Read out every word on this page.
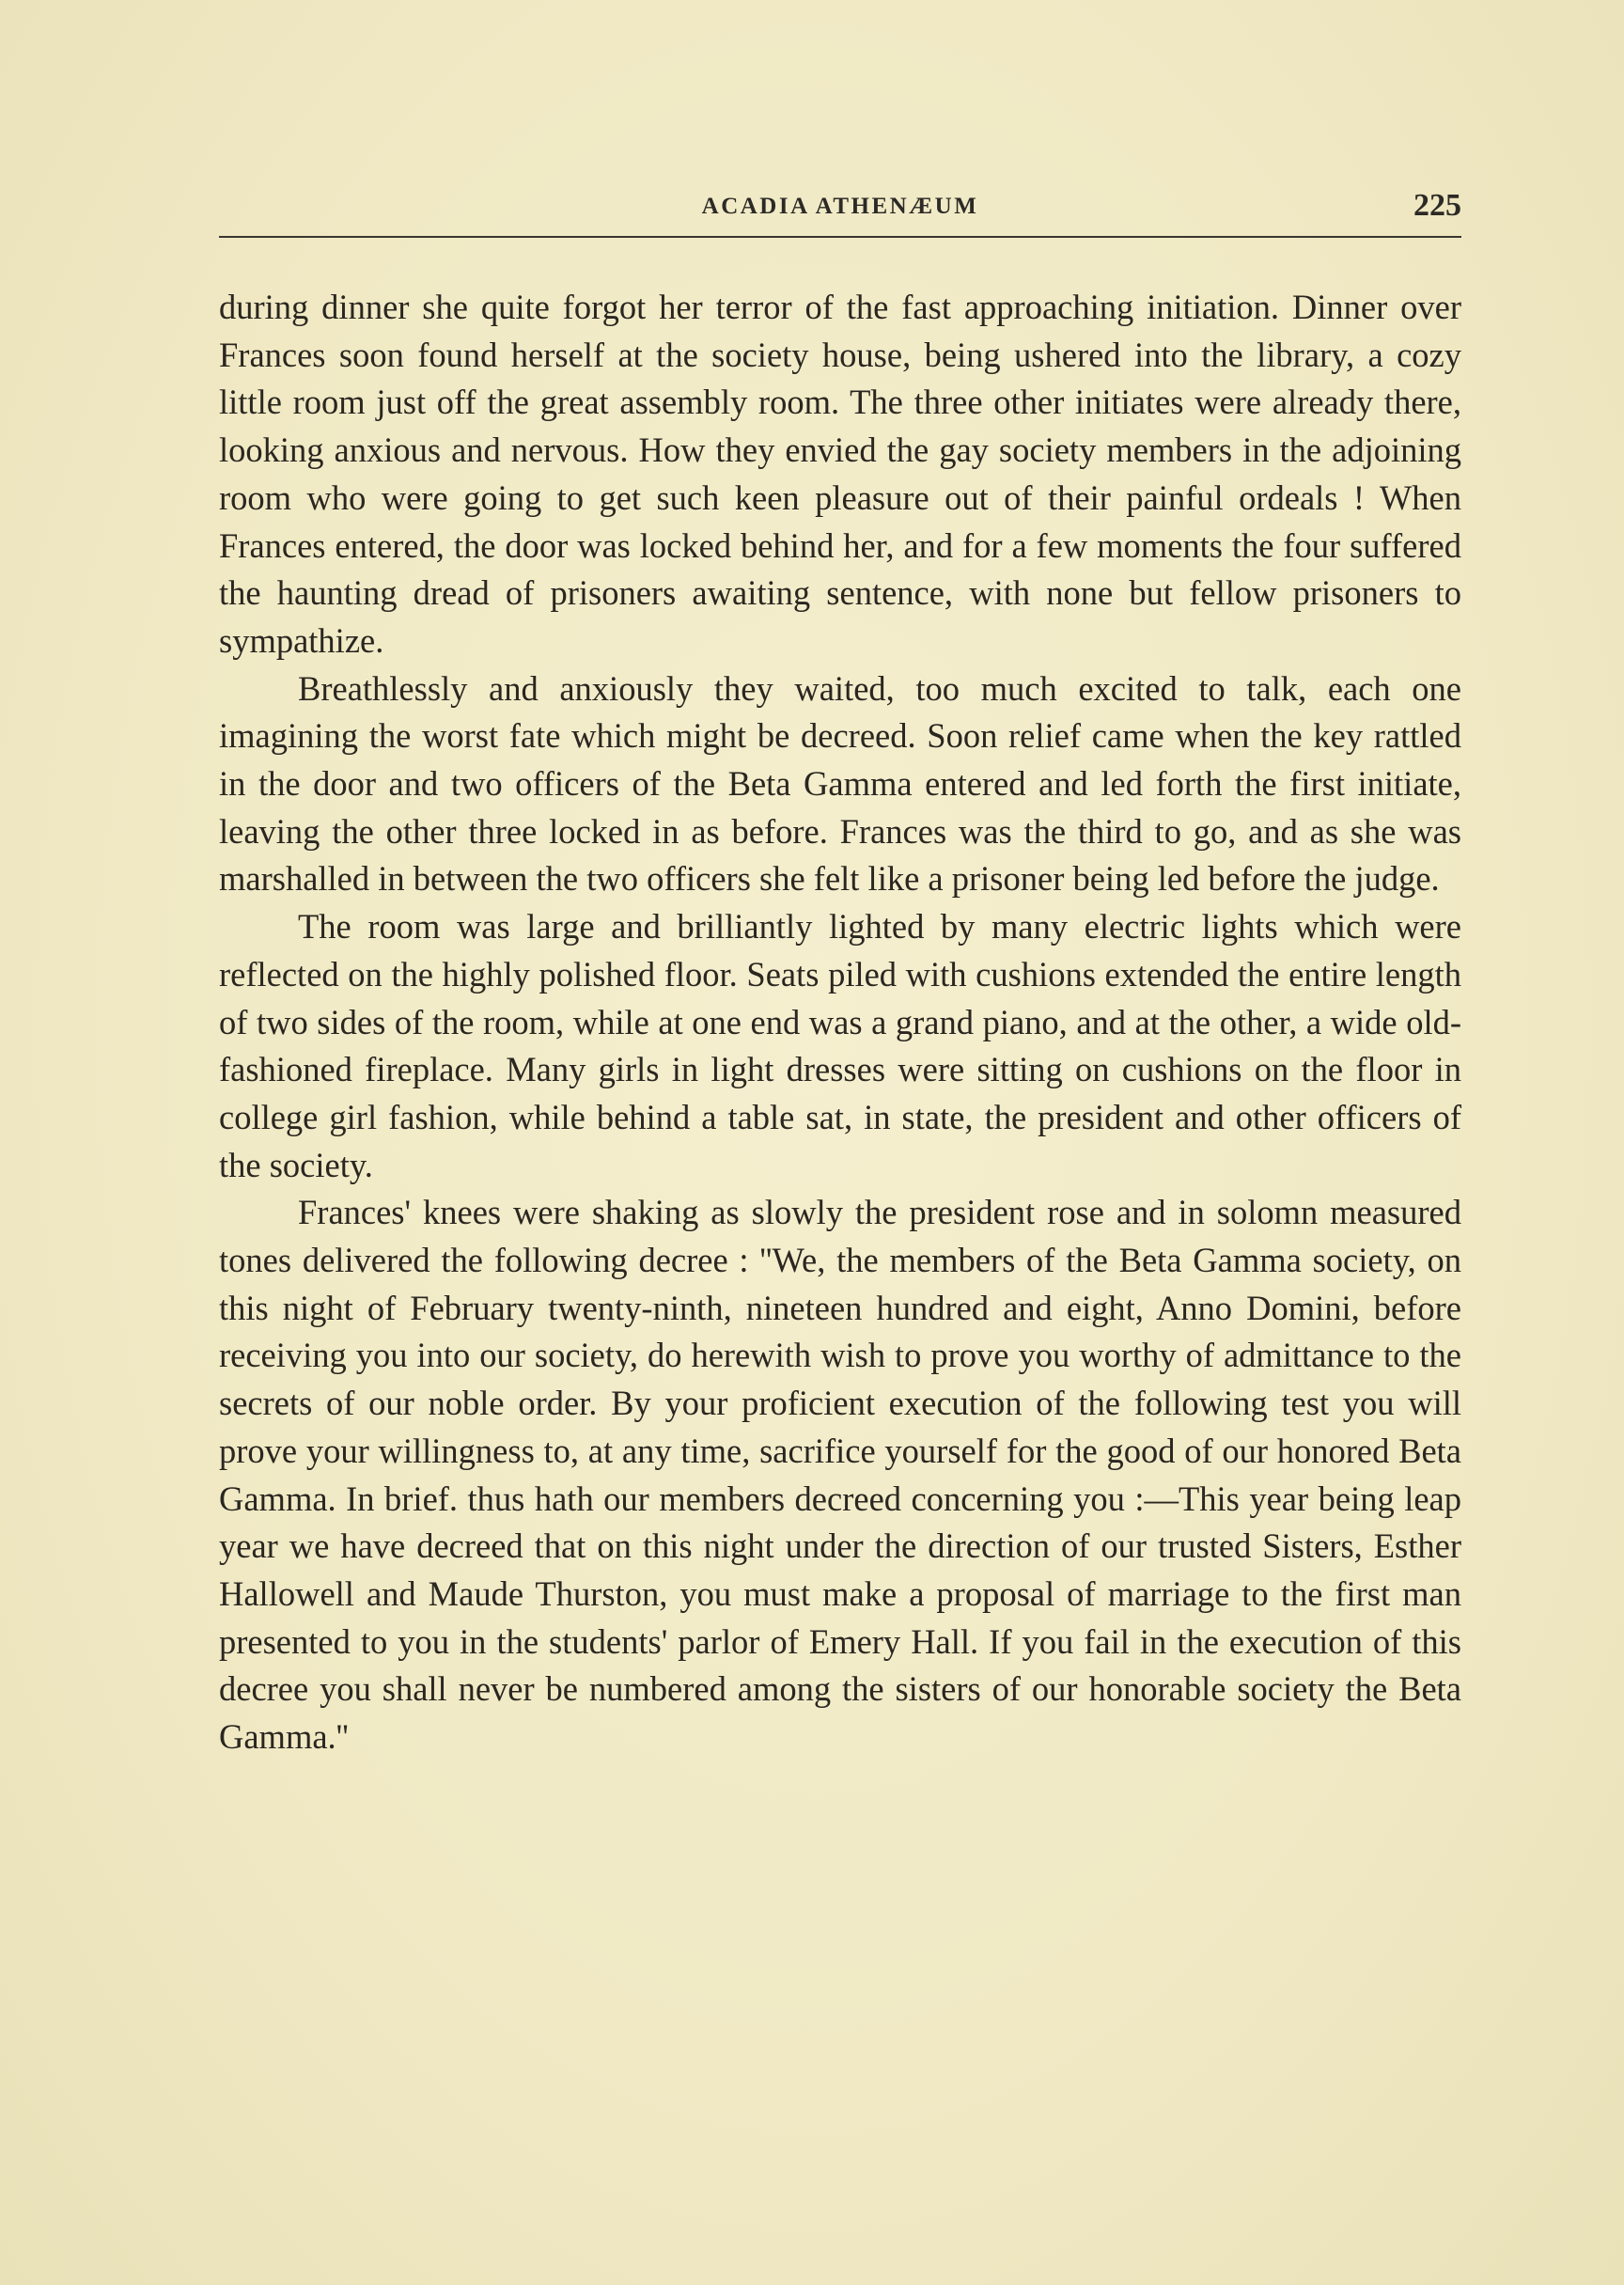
ACADIA ATHENÆUM	225

during dinner she quite forgot her terror of the fast approaching initiation. Dinner over Frances soon found herself at the society house, being ushered into the library, a cozy little room just off the great assembly room. The three other initiates were already there, looking anxious and nervous. How they envied the gay society members in the adjoining room who were going to get such keen pleasure out of their painful ordeals ! When Frances entered, the door was locked behind her, and for a few moments the four suffered the haunting dread of prisoners awaiting sentence, with none but fellow prisoners to sympathize.

Breathlessly and anxiously they waited, too much excited to talk, each one imagining the worst fate which might be decreed. Soon relief came when the key rattled in the door and two officers of the Beta Gamma entered and led forth the first initiate, leaving the other three locked in as before. Frances was the third to go, and as she was marshalled in between the two officers she felt like a prisoner being led before the judge.

The room was large and brilliantly lighted by many electric lights which were reflected on the highly polished floor. Seats piled with cushions extended the entire length of two sides of the room, while at one end was a grand piano, and at the other, a wide old-fashioned fireplace. Many girls in light dresses were sitting on cushions on the floor in college girl fashion, while behind a table sat, in state, the president and other officers of the society.

Frances' knees were shaking as slowly the president rose and in solomn measured tones delivered the following decree : ''We, the members of the Beta Gamma society, on this night of February twenty-ninth, nineteen hundred and eight, Anno Domini, before receiving you into our society, do herewith wish to prove you worthy of admittance to the secrets of our noble order. By your proficient execution of the following test you will prove your willingness to, at any time, sacrifice yourself for the good of our honored Beta Gamma. In brief. thus hath our members decreed concerning you :—This year being leap year we have decreed that on this night under the direction of our trusted Sisters, Esther Hallowell and Maude Thurston, you must make a proposal of marriage to the first man presented to you in the students' parlor of Emery Hall. If you fail in the execution of this decree you shall never be numbered among the sisters of our honorable society the Beta Gamma.''
